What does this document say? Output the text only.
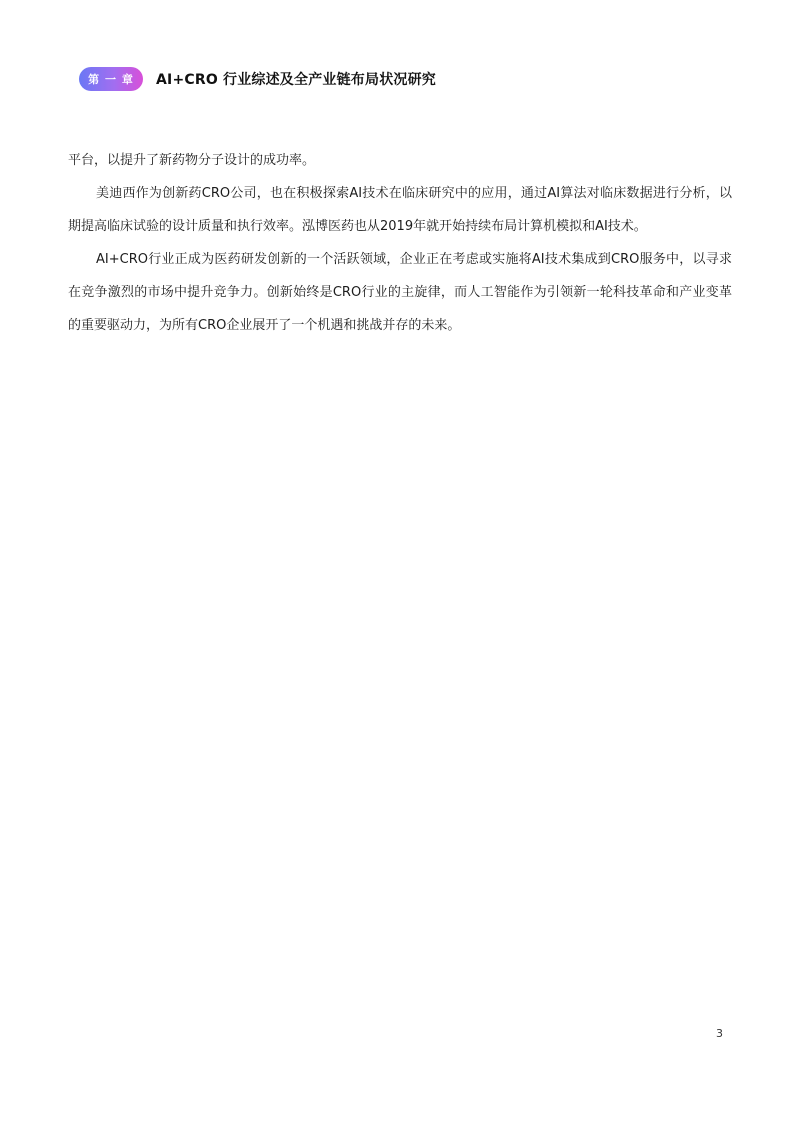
第 一 章	AI+CRO 行业综述及全产业链布局状况研究

平台，以提升了新药物分子设计的成功率。

美迪西作为创新药CRO公司，也在积极探索AI技术在临床研究中的应用，通过AI算法对临床数据进行分析，以期提高临床试验的设计质量和执行效率。泓博医药也从2019年就开始持续布局计算机模拟和AI技术。

AI+CRO行业正成为医药研发创新的一个活跃领域，企业正在考虑或实施将AI技术集成到CRO服务中，以寻求在竞争激烈的市场中提升竞争力。创新始终是CRO行业的主旋律，而人工智能作为引领新一轮科技革命和产业变革的重要驱动力，为所有CRO企业展开了一个机遇和挑战并存的未来。

3
